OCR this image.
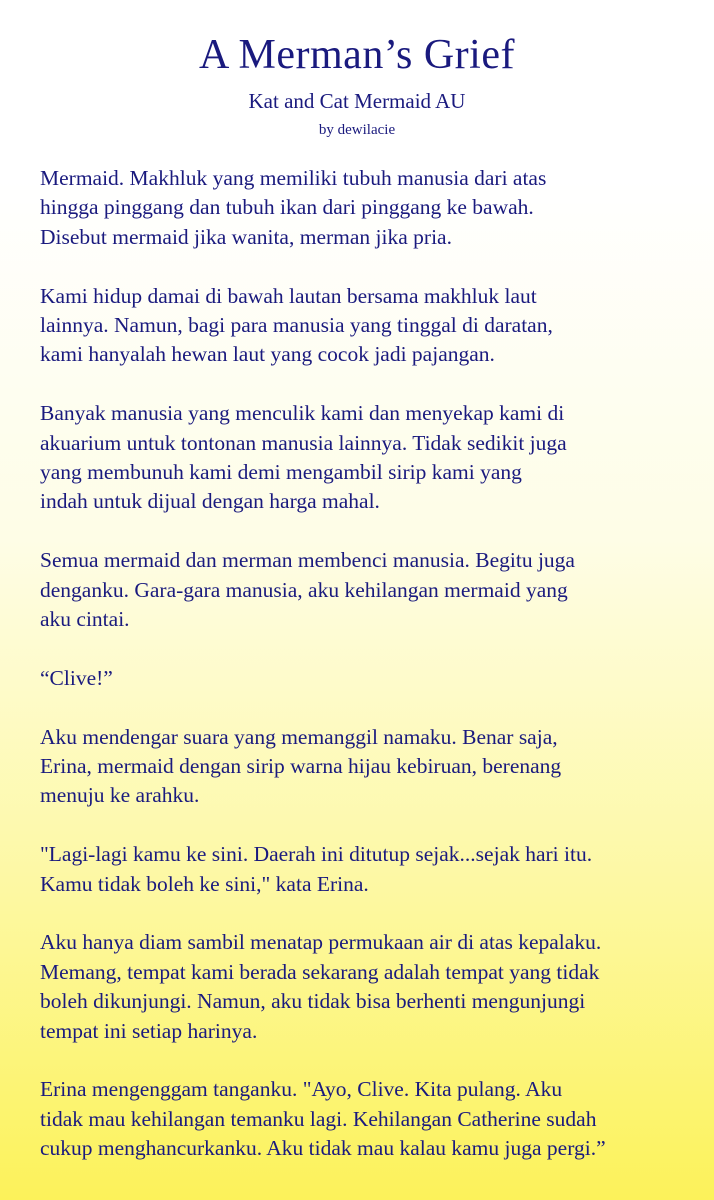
A Merman’s Grief
Kat and Cat Mermaid AU
by dewilacie

Mermaid. Makhluk yang memiliki tubuh manusia dari atas
hingga pinggang dan tubuh ikan dari pinggang ke bawah.
Disebut mermaid jika wanita, merman jika pria.

Kami hidup damai di bawah lautan bersama makhluk laut
lainnya. Namun, bagi para manusia yang tinggal di daratan,
kami hanyalah hewan laut yang cocok jadi pajangan.

Banyak manusia yang menculik kami dan menyekap kami di
akuarium untuk tontonan manusia lainnya. Tidak sedikit juga
yang membunuh kami demi mengambil sirip kami yang
indah untuk dijual dengan harga mahal.

Semua mermaid dan merman membenci manusia. Begitu juga
denganku. Gara-gara manusia, aku kehilangan mermaid yang
aku cintai.

“Clive!”

Aku mendengar suara yang memanggil namaku. Benar saja,
Erina, mermaid dengan sirip warna hijau kebiruan, berenang
menuju ke arahku.

"Lagi-lagi kamu ke sini. Daerah ini ditutup sejak...sejak hari itu.
Kamu tidak boleh ke sini," kata Erina.

Aku hanya diam sambil menatap permukaan air di atas kepalaku.
Memang, tempat kami berada sekarang adalah tempat yang tidak
boleh dikunjungi. Namun, aku tidak bisa berhenti mengunjungi
tempat ini setiap harinya.

Erina mengenggam tanganku. "Ayo, Clive. Kita pulang. Aku
tidak mau kehilangan temanku lagi. Kehilangan Catherine sudah
cukup menghancurkanku. Aku tidak mau kalau kamu juga pergi.”
